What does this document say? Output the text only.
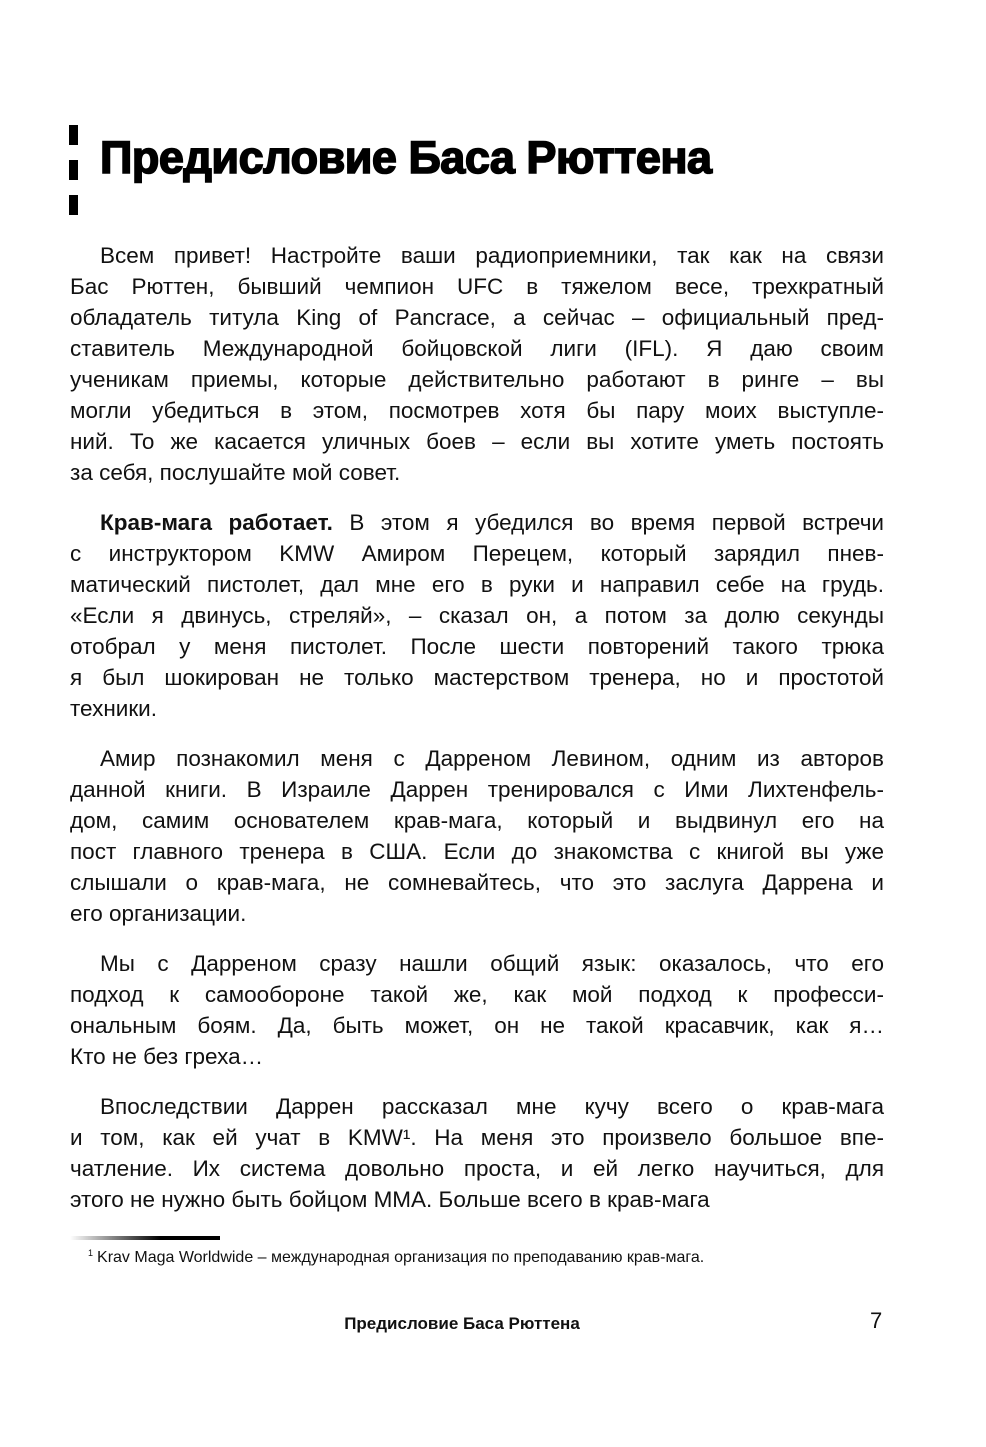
Предисловие Баса Рюттена
Всем привет! Настройте ваши радиоприемники, так как на связи
Бас Рюттен, бывший чемпион UFC в тяжелом весе, трехкратный
обладатель титула King of Pancrace, а сейчас – официальный пред-
ставитель Международной бойцовской лиги (IFL). Я даю своим
ученикам приемы, которые действительно работают в ринге – вы
могли убедиться в этом, посмотрев хотя бы пару моих выступле-
ний. То же касается уличных боев – если вы хотите уметь постоять
за себя, послушайте мой совет.
Крав-мага работает. В этом я убедился во время первой встречи
с инструктором KMW Амиром Перецем, который зарядил пнев-
матический пистолет, дал мне его в руки и направил себе на грудь.
«Если я двинусь, стреляй», – сказал он, а потом за долю секунды
отобрал у меня пистолет. После шести повторений такого трюка
я был шокирован не только мастерством тренера, но и простотой
техники.
Амир познакомил меня с Дарреном Левином, одним из авторов
данной книги. В Израиле Даррен тренировался с Ими Лихтенфель-
дом, самим основателем крав-мага, который и выдвинул его на
пост главного тренера в США. Если до знакомства с книгой вы уже
слышали о крав-мага, не сомневайтесь, что это заслуга Даррена и
его организации.
Мы с Дарреном сразу нашли общий язык: оказалось, что его
подход к самообороне такой же, как мой подход к професси-
ональным боям. Да, быть может, он не такой красавчик, как я…
Кто не без греха…
Впоследствии Даррен рассказал мне кучу всего о крав-мага
и том, как ей учат в KMW¹. На меня это произвело большое впе-
чатление. Их система довольно проста, и ей легко научиться, для
этого не нужно быть бойцом MMA. Больше всего в крав-мага
$^1$ Krav Maga Worldwide – международная организация по преподаванию крав-мага.
Предисловие Баса Рюттена	7
